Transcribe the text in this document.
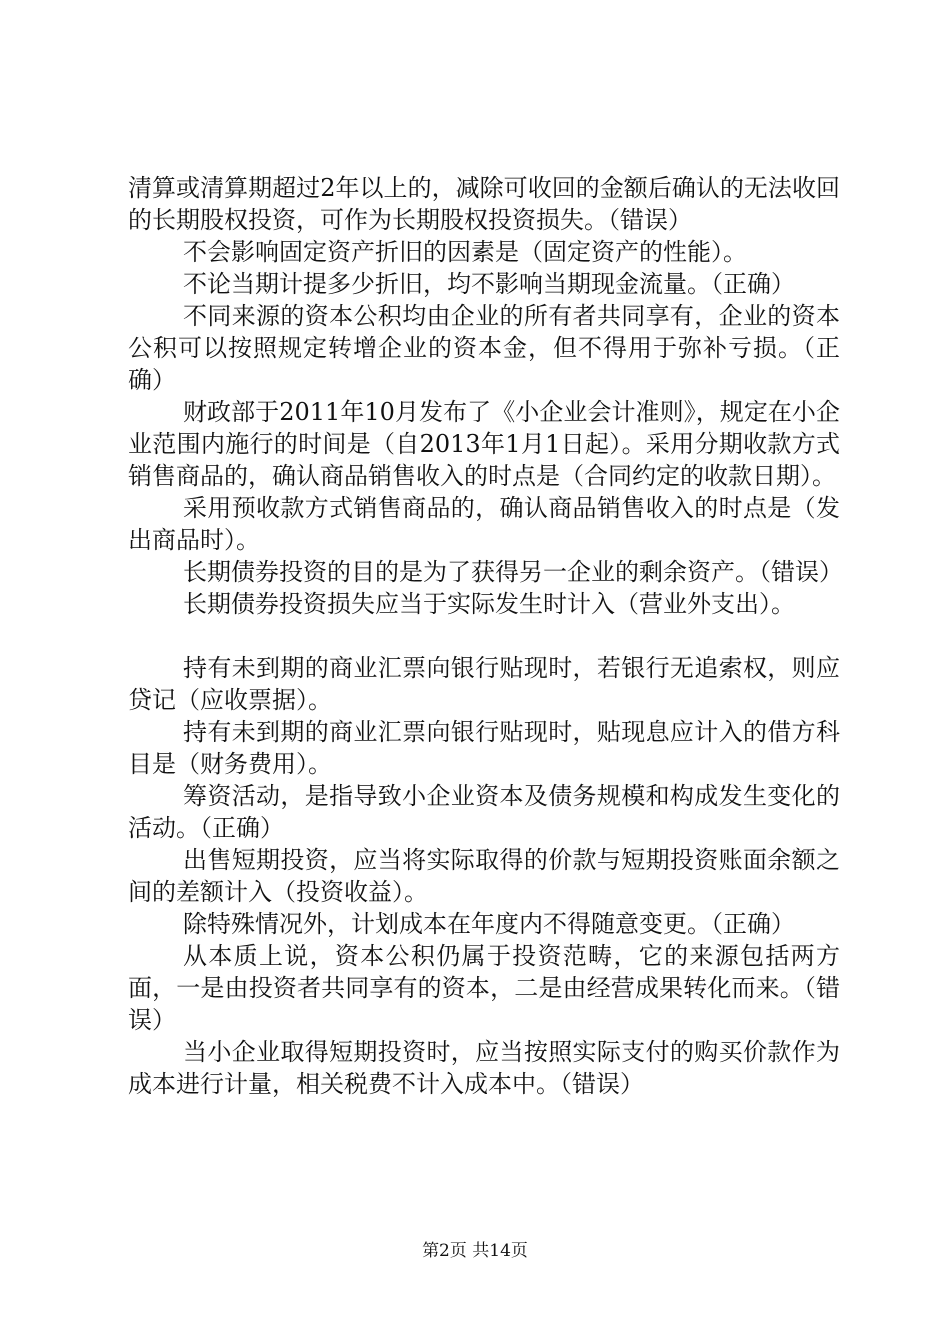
清算或清算期超过2年以上的，减除可收回的金额后确认的无法收回的长期股权投资，可作为长期股权投资损失。（错误）

不会影响固定资产折旧的因素是（固定资产的性能）。

不论当期计提多少折旧，均不影响当期现金流量。（正确）

不同来源的资本公积均由企业的所有者共同享有，企业的资本公积可以按照规定转增企业的资本金，但不得用于弥补亏损。（正确）

财政部于2011年10月发布了《小企业会计准则》，规定在小企业范围内施行的时间是（自2013年1月1日起）。采用分期收款方式销售商品的，确认商品销售收入的时点是（合同约定的收款日期）。

采用预收款方式销售商品的，确认商品销售收入的时点是（发出商品时）。

长期债券投资的目的是为了获得另一企业的剩余资产。（错误）

长期债券投资损失应当于实际发生时计入（营业外支出）。

持有未到期的商业汇票向银行贴现时，若银行无追索权，则应贷记（应收票据）。

持有未到期的商业汇票向银行贴现时，贴现息应计入的借方科目是（财务费用）。

筹资活动，是指导致小企业资本及债务规模和构成发生变化的活动。（正确）

出售短期投资，应当将实际取得的价款与短期投资账面余额之间的差额计入（投资收益）。

除特殊情况外，计划成本在年度内不得随意变更。（正确）

从本质上说，资本公积仍属于投资范畴，它的来源包括两方面，一是由投资者共同享有的资本，二是由经营成果转化而来。（错误）

当小企业取得短期投资时，应当按照实际支付的购买价款作为成本进行计量，相关税费不计入成本中。（错误）

第2页 共14页
